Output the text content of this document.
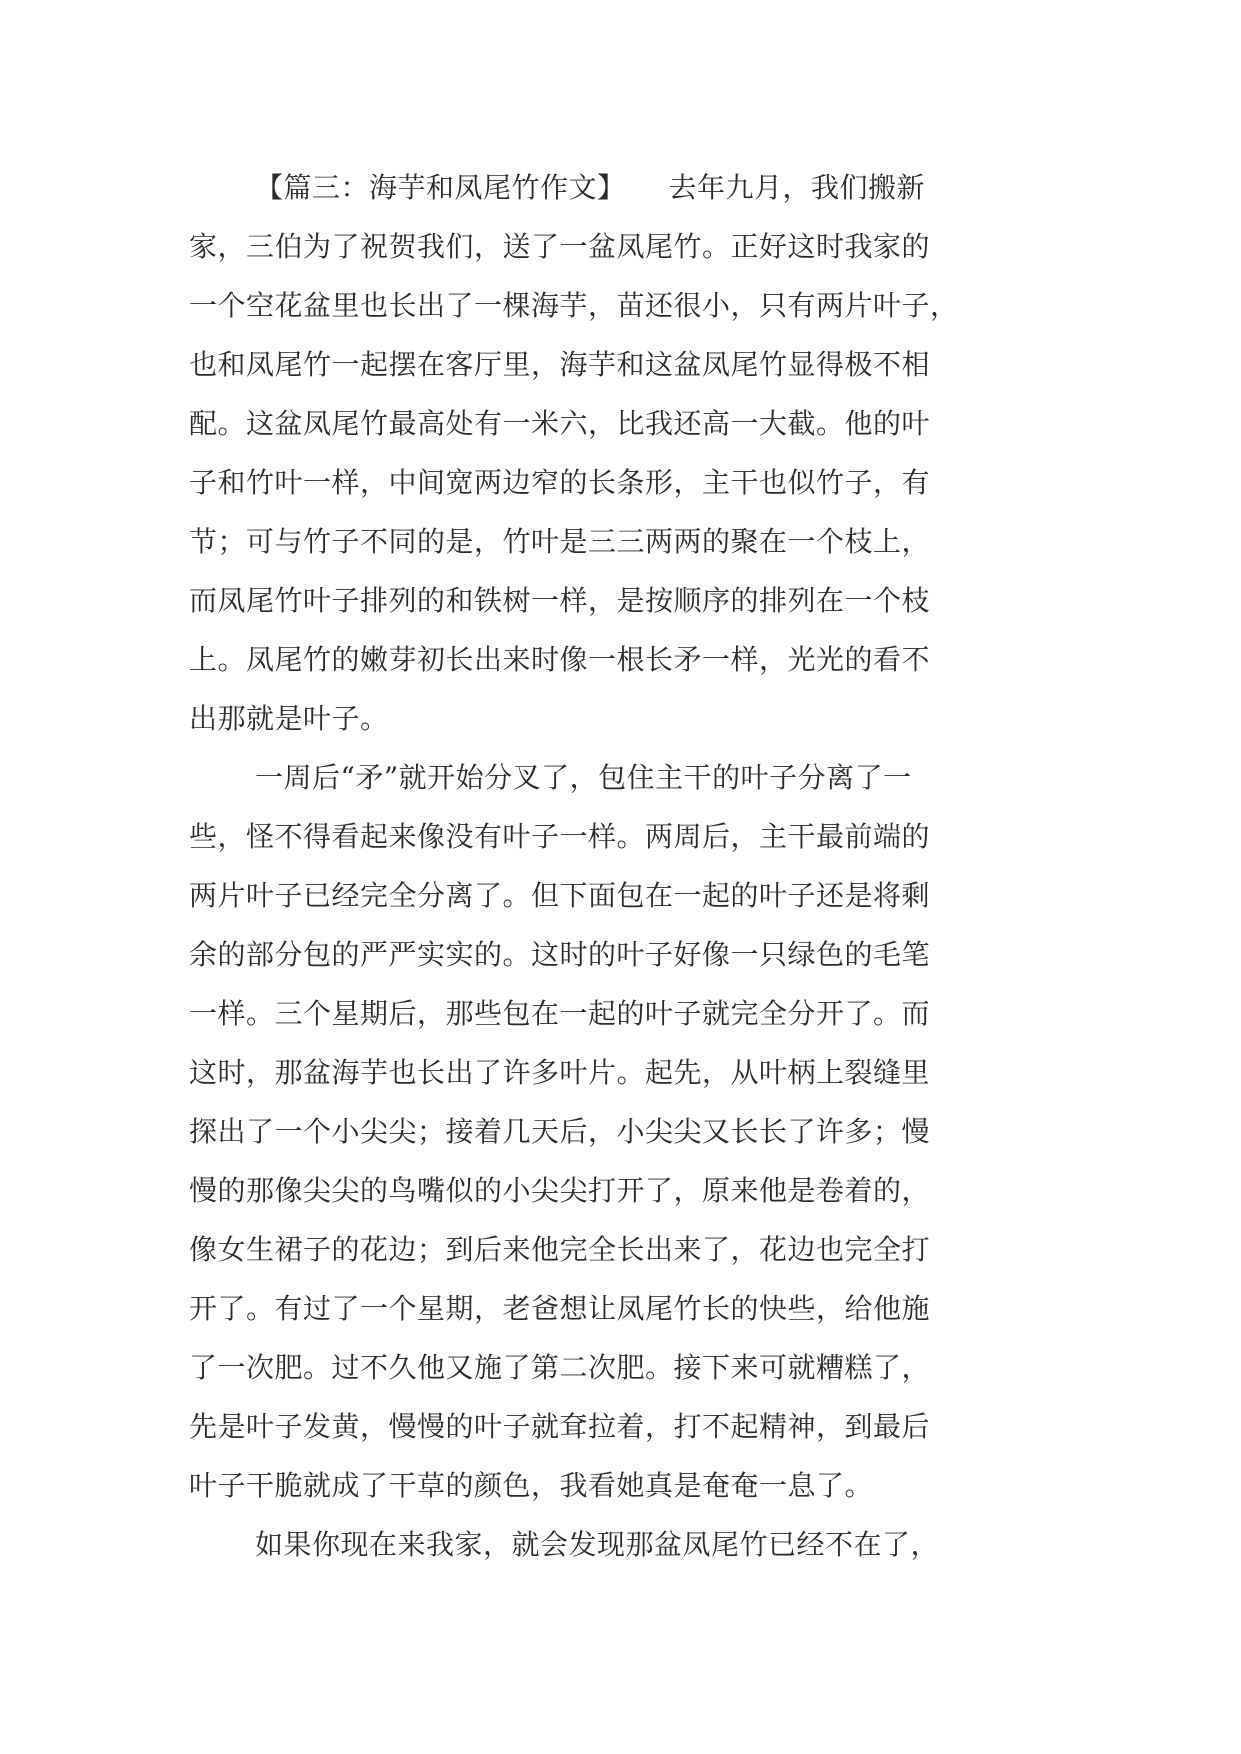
【篇三：海芋和凤尾竹作文】　　去年九月，我们搬新
家，三伯为了祝贺我们，送了一盆凤尾竹。正好这时我家的
一个空花盆里也长出了一棵海芋，苗还很小，只有两片叶子，
也和凤尾竹一起摆在客厅里，海芋和这盆凤尾竹显得极不相
配。这盆凤尾竹最高处有一米六，比我还高一大截。他的叶
子和竹叶一样，中间宽两边窄的长条形，主干也似竹子，有
节；可与竹子不同的是，竹叶是三三两两的聚在一个枝上，
而凤尾竹叶子排列的和铁树一样，是按顺序的排列在一个枝
上。凤尾竹的嫩芽初长出来时像一根长矛一样，光光的看不
出那就是叶子。
一周后“矛”就开始分叉了，包住主干的叶子分离了一
些，怪不得看起来像没有叶子一样。两周后，主干最前端的
两片叶子已经完全分离了。但下面包在一起的叶子还是将剩
余的部分包的严严实实的。这时的叶子好像一只绿色的毛笔
一样。三个星期后，那些包在一起的叶子就完全分开了。而
这时，那盆海芋也长出了许多叶片。起先，从叶柄上裂缝里
探出了一个小尖尖；接着几天后，小尖尖又长长了许多；慢
慢的那像尖尖的鸟嘴似的小尖尖打开了，原来他是卷着的，
像女生裙子的花边；到后来他完全长出来了，花边也完全打
开了。有过了一个星期，老爸想让凤尾竹长的快些，给他施
了一次肥。过不久他又施了第二次肥。接下来可就糟糕了，
先是叶子发黄，慢慢的叶子就耷拉着，打不起精神，到最后
叶子干脆就成了干草的颜色，我看她真是奄奄一息了。
如果你现在来我家，就会发现那盆凤尾竹已经不在了，
